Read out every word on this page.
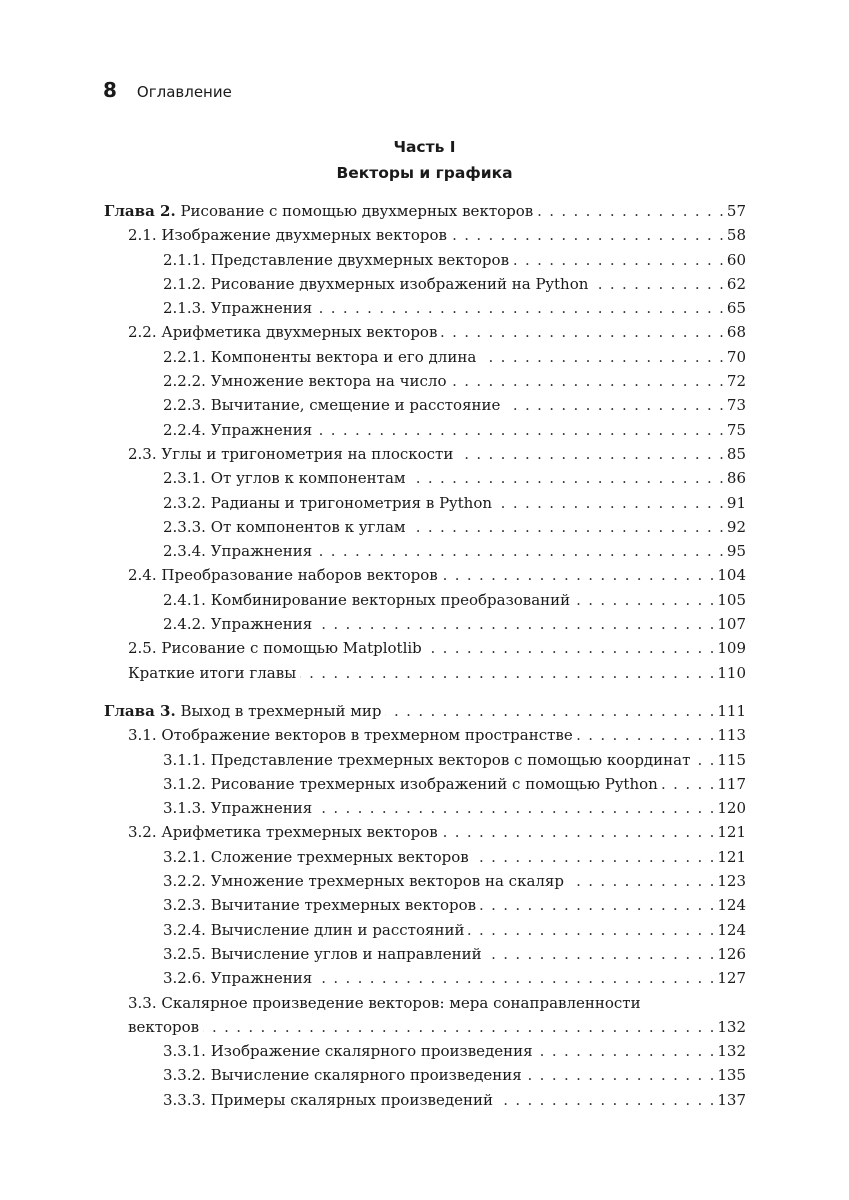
8 Оглавление
Часть I
Векторы и графика
Глава 2. Рисование с помощью двухмерных векторов . . .	57
2.1. Изображение двухмерных векторов . . .	58
2.1.1. Представление двухмерных векторов . . .	60
2.1.2. Рисование двухмерных изображений на Python . . .	62
2.1.3. Упражнения . . .	65
2.2. Арифметика двухмерных векторов . . .	68
2.2.1. Компоненты вектора и его длина . . .	70
2.2.2. Умножение вектора на число . . .	72
2.2.3. Вычитание, смещение и расстояние . . .	73
2.2.4. Упражнения . . .	75
2.3. Углы и тригонометрия на плоскости . . .	85
2.3.1. От углов к компонентам . . .	86
2.3.2. Радианы и тригонометрия в Python . . .	91
2.3.3. От компонентов к углам . . .	92
2.3.4. Упражнения . . .	95
2.4. Преобразование наборов векторов . . .	104
2.4.1. Комбинирование векторных преобразований . . .	105
2.4.2. Упражнения . . .	107
2.5. Рисование с помощью Matplotlib . . .	109
Краткие итоги главы . . .	110
Глава 3. Выход в трехмерный мир . . .	111
3.1. Отображение векторов в трехмерном пространстве . . .	113
3.1.1. Представление трехмерных векторов с помощью координат . . . 115
3.1.2. Рисование трехмерных изображений с помощью Python . . .	117
3.1.3. Упражнения . . .	120
3.2. Арифметика трехмерных векторов . . .	121
3.2.1. Сложение трехмерных векторов . . .	121
3.2.2. Умножение трехмерных векторов на скаляр . . .	123
3.2.3. Вычитание трехмерных векторов . . .	124
3.2.4. Вычисление длин и расстояний . . .	124
3.2.5. Вычисление углов и направлений . . .	126
3.2.6. Упражнения . . .	127
3.3. Скалярное произведение векторов: мера сонаправленности
векторов . . .	132
3.3.1. Изображение скалярного произведения . . .	132
3.3.2. Вычисление скалярного произведения . . .	135
3.3.3. Примеры скалярных произведений . . .	137
